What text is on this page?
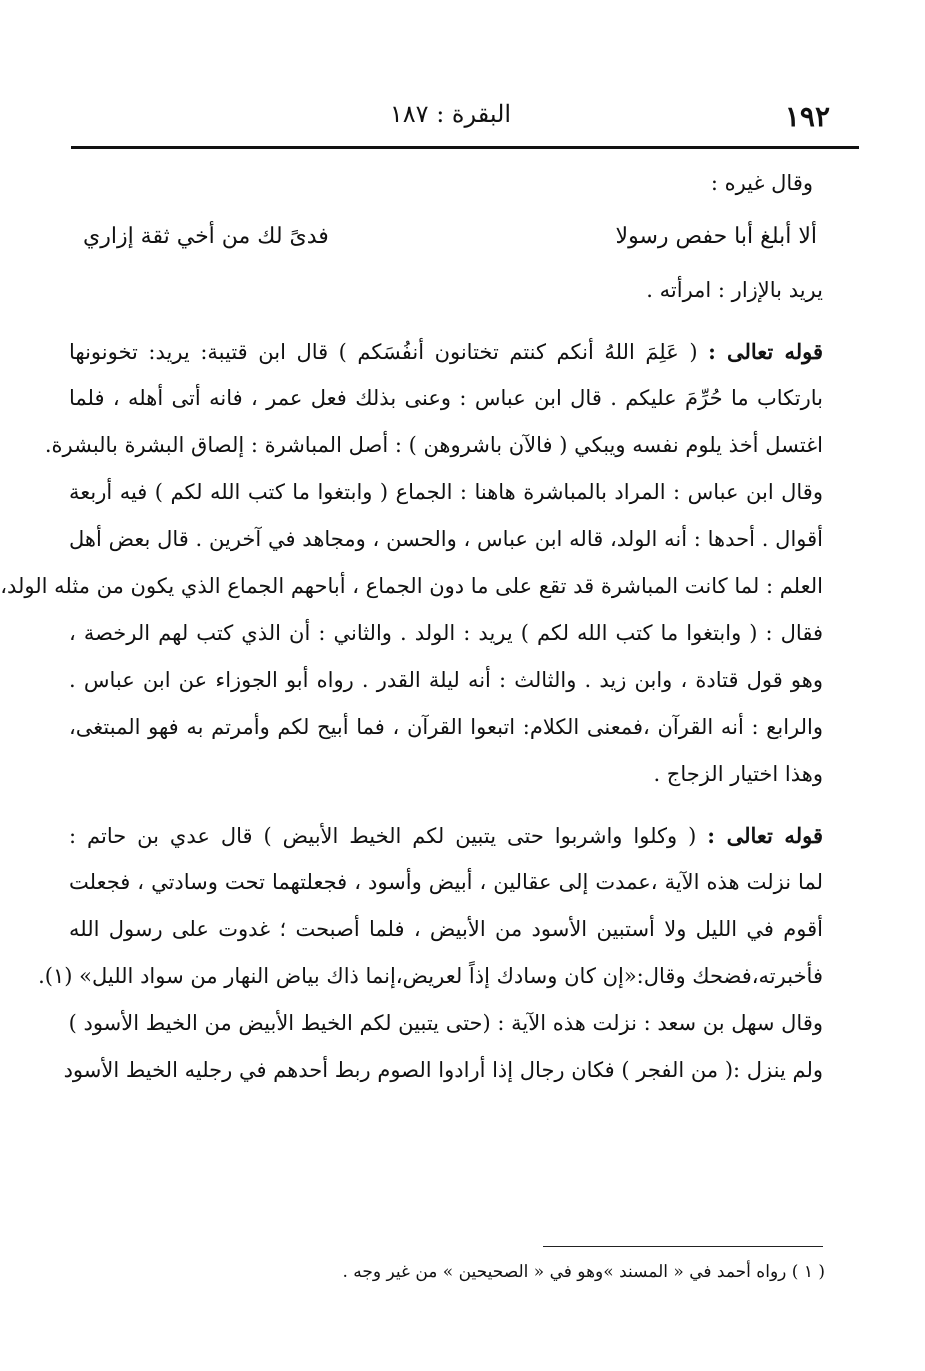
١٩٢
البقرة : ١٨٧
وقال غيره :
ألا أبلغ أبا حفص رسولا
فدىً لك من أخي ثقة إزاري
يريد بالإزار : امرأته .
قوله تعالى : ( عَلِمَ اللهُ أنكم كنتم تختانون أنفُسَكم ) قال ابن قتيبة: يريد: تخونونها
بارتكاب ما حُرِّمَ عليكم . قال ابن عباس : وعنى بذلك فعل عمر ، فانه أتى أهله ، فلما
اغتسل أخذ يلوم نفسه ويبكي ( فالآن باشروهن ) : أصل المباشرة : إلصاق البشرة بالبشرة.
وقال ابن عباس : المراد بالمباشرة هاهنا : الجماع ( وابتغوا ما كتب الله لكم ) فيه أربعة
أقوال . أحدها : أنه الولد، قاله ابن عباس ، والحسن ، ومجاهد في آخرين . قال بعض أهل
العلم : لما كانت المباشرة قد تقع على ما دون الجماع ، أباحهم الجماع الذي يكون من مثله الولد،
فقال : ( وابتغوا ما كتب الله لكم ) يريد : الولد . والثاني : أن الذي كتب لهم الرخصة ،
وهو قول قتادة ، وابن زيد . والثالث : أنه ليلة القدر . رواه أبو الجوزاء عن ابن عباس .
والرابع : أنه القرآن ،فمعنى الكلام: اتبعوا القرآن ، فما أبيح لكم وأمرتم به فهو المبتغى،
وهذا اختيار الزجاج .
قوله تعالى : ( وكلوا واشربوا حتى يتبين لكم الخيط الأبيض ) قال عدي بن حاتم :
لما نزلت هذه الآية ،عمدت إلى عقالين ، أبيض وأسود ، فجعلتهما تحت وسادتي ، فجعلت
أقوم في الليل ولا أستبين الأسود من الأبيض ، فلما أصبحت ؛ غدوت على رسول الله
فأخبرته،فضحك وقال:«إن كان وسادك إذاً لعريض،إنما ذاك بياض النهار من سواد الليل» (١).
وقال سهل بن سعد : نزلت هذه الآية : (حتى يتبين لكم الخيط الأبيض من الخيط الأسود )
ولم ينزل :( من الفجر ) فكان رجال إذا أرادوا الصوم ربط أحدهم في رجليه الخيط الأسود
( ١ ) رواه أحمد في « المسند »وهو في « الصحيحين » من غير وجه .
